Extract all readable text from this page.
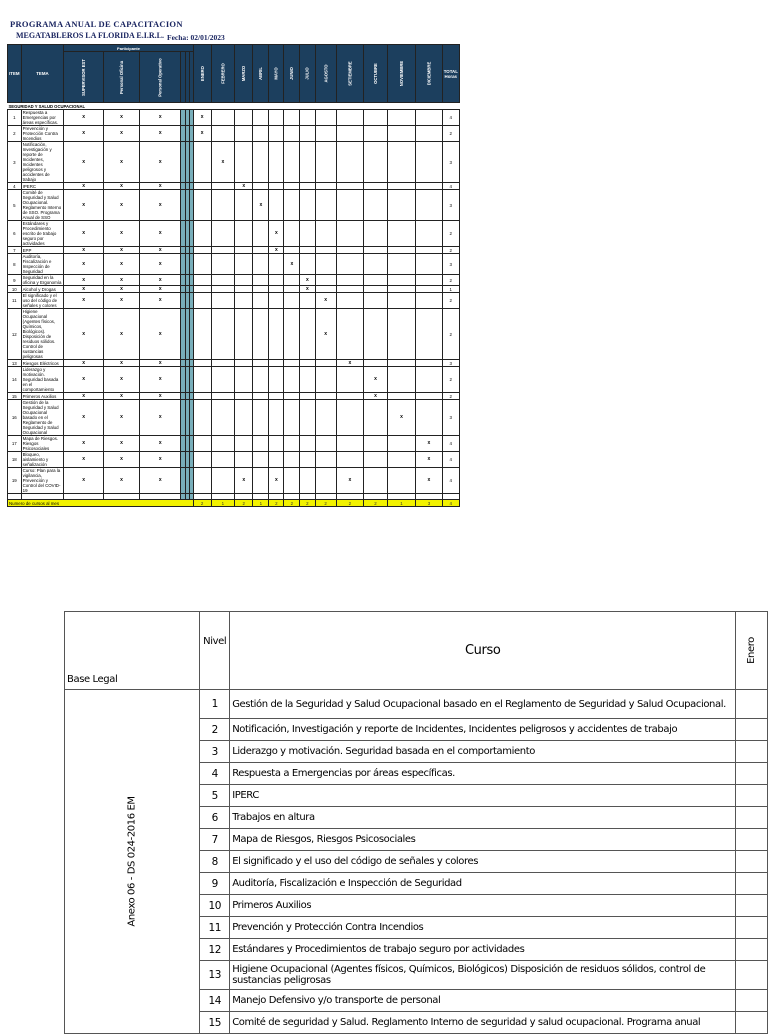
PROGRAMA ANUAL DE CAPACITACION
MEGATABLEROS LA FLORIDA E.I.R.L. Fecha: 02/01/2023
ITEM	TEMA	Participante						ENERO	FEBRERO	MARZO	ABRIL	MAYO	JUNIO	JULIO	AGOSTO	SETIEMBRE	OCTUBRE	NOVIEMBRE	DICIEMBRE	TOTAL Horas
		SUPERVISOR EST	Personal Oficina	Personal Operativo																
SEGURIDAD Y SALUD OCUPACIONAL																				
1	Respuesta a Emergencias por áreas específicas.	x	x	x				x												4
2	Prevención y Protección Contra Incendios	x	x	x				x												2
3	Notificación, Investigación y reporte de Incidentes, Incidentes peligrosos y accidentes de trabajo	x	x	x					x											3
4	IPERC	x	x	x						x										4
5	Comité de Seguridad y Salud Ocupacional. Reglamento Interno de SSO. Programa Anual de SSO	x	x	x							x									3
6	Estándares y Procedimiento escrito de trabajo seguro por actividades	x	x	x								x								2
7	EPP	x	x	x								x								2
8	Auditoría, Fiscalización e Inspección de Seguridad	x	x	x									x							3
9	Seguridad en la oficina y Ergonomía	x	x	x										x						2
10	Alcohol y Drogas	x	x	x										x						1
11	El significado y el uso del código de señales y colores	x	x	x											x					2
12	Higiene Ocupacional (Agentes físicos, Químicos, Biológicos). Disposición de residuos sólidos. Control de sustancias peligrosas	x	x	x											x					2
13	Riesgos Eléctricos	x	x	x												x				3
14	Liderazgo y motivación. Seguridad basada en el comportamiento	x	x	x													x			2
15	Primeros Auxilios	x	x	x													x			2
16	Gestión de la Seguridad y Salud Ocupacional basado en el Reglamento de Seguridad y Salud Ocupacional	x	x	x														x		3
17	Mapa de Riesgos. Riesgos Psicosociales	x	x	x															x	4
18	Bloqueo, aislamiento y señalización	x	x	x															x	4
19	Curso: Plan para la vigilancia, Prevención y Control del COVID-19	x	x	x						x		x				x			x	4

Numero de cursos al mes								2	1	2	1	2	2	2	2	2	2	1	3	4
Base Legal	Nivel	Curso	Enero
Anexo 06 - DS 024-2016 EM	1	Gestión de la Seguridad y Salud Ocupacional basado en el Reglamento de Seguridad y Salud Ocupacional.	
	2	Notificación, Investigación y reporte de Incidentes, Incidentes peligrosos y accidentes de trabajo	
	3	Liderazgo y motivación. Seguridad basada en el comportamiento	
	4	Respuesta a Emergencias por áreas específicas.	
	5	IPERC	
	6	Trabajos en altura	
	7	Mapa de Riesgos, Riesgos Psicosociales	
	8	El significado y el uso del código de señales y colores	
	9	Auditoría, Fiscalización e Inspección de Seguridad	
	10	Primeros Auxilios	
	11	Prevención y Protección Contra Incendios	
	12	Estándares y Procedimientos de trabajo seguro por actividades	
	13	Higiene Ocupacional (Agentes físicos, Químicos, Biológicos) Disposición de residuos sólidos, control de sustancias peligrosas	
	14	Manejo Defensivo y/o transporte de personal	
	15	Comité de seguridad y Salud. Reglamento Interno de seguridad y salud ocupacional. Programa anual	
